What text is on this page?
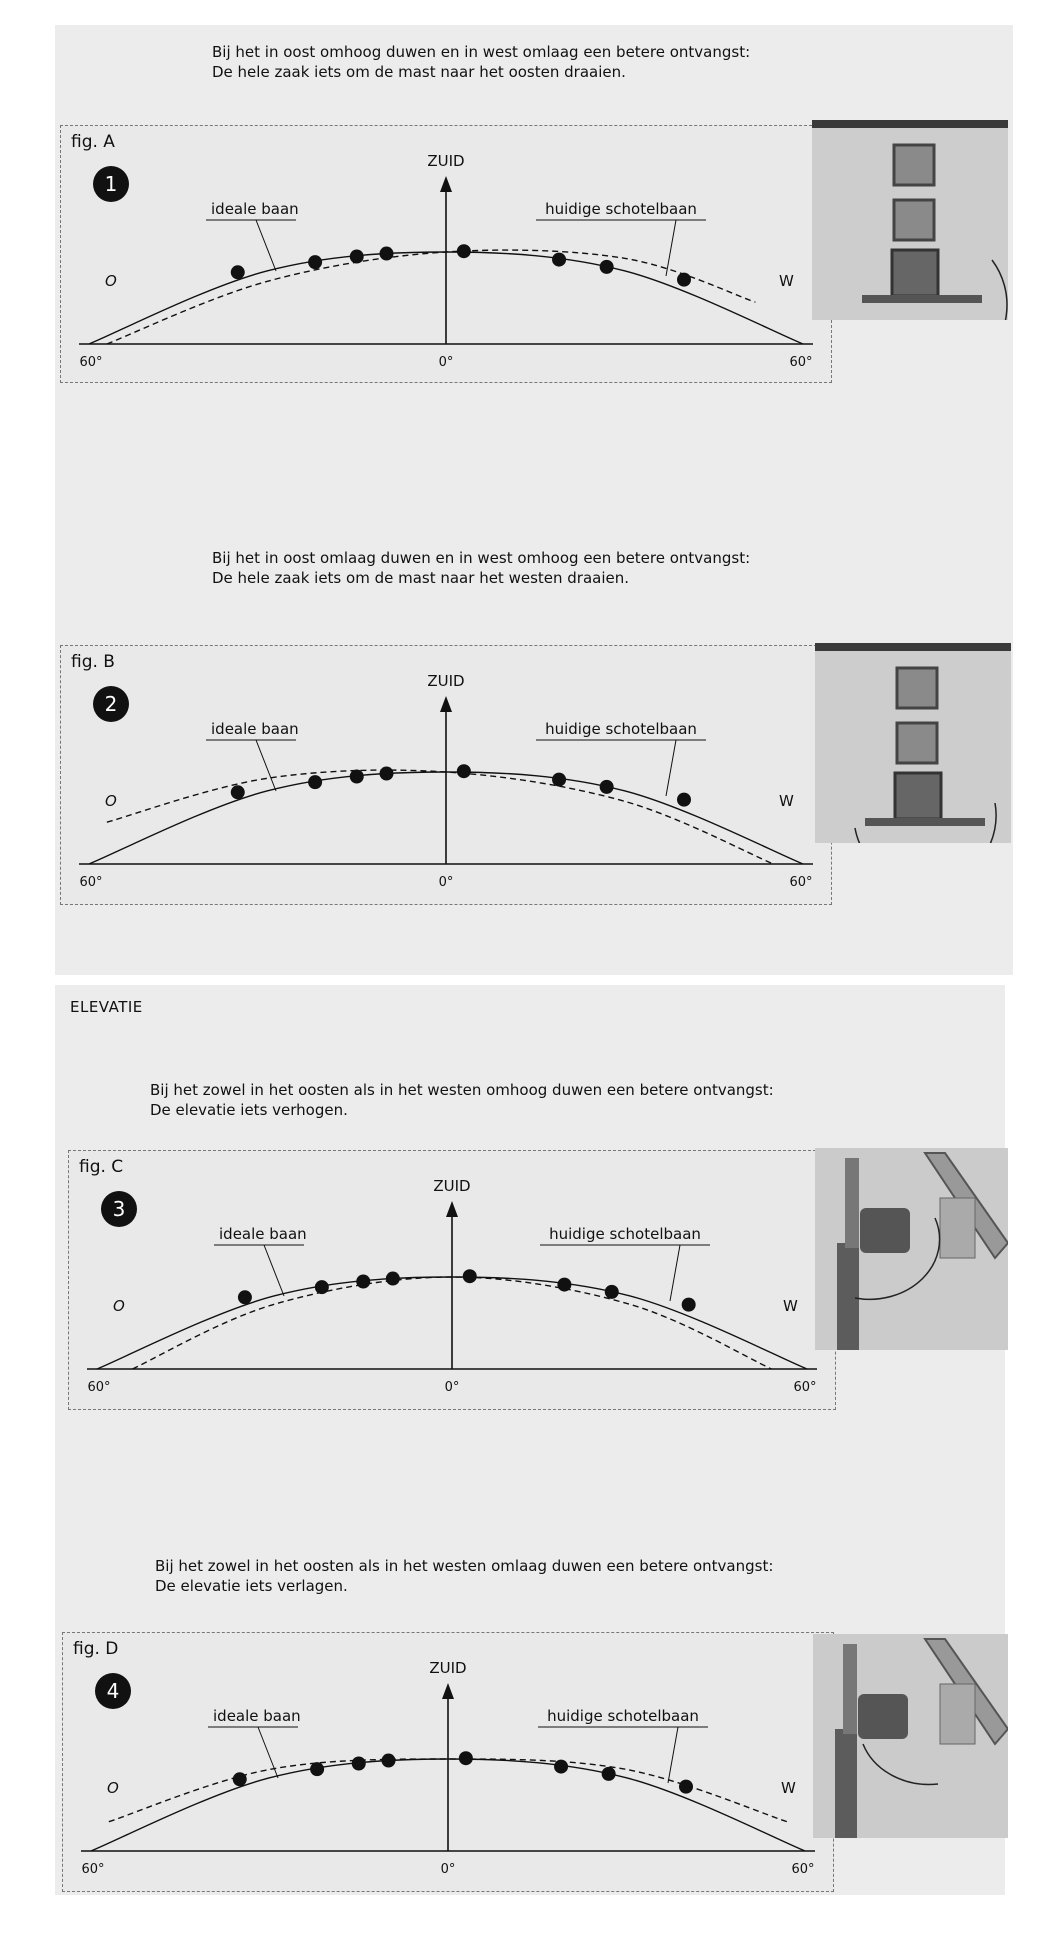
Bij het in oost omhoog duwen en in west omlaag een betere ontvangst:
De hele zaak iets om de mast naar het oosten draaien.
fig. A
ZUID
1
ideale baan	huidige schotelbaan
O	W
60°	0°	60°
Bij het in oost omlaag duwen en in west omhoog een betere ontvangst:
De hele zaak iets om de mast naar het westen draaien.
fig. B
ZUID
2
ideale baan	huidige schotelbaan
O	W
60°	0°	60°
ELEVATIE
Bij het zowel in het oosten als in het westen omhoog duwen een betere ontvangst:
De elevatie iets verhogen.
fig. C
ZUID
3
ideale baan	huidige schotelbaan
O	W
60°	0°	60°
Bij het zowel in het oosten als in het westen omlaag duwen een betere ontvangst:
De elevatie iets verlagen.
fig. D
ZUID
4
ideale baan	huidige schotelbaan
O	W
60°	0°	60°
